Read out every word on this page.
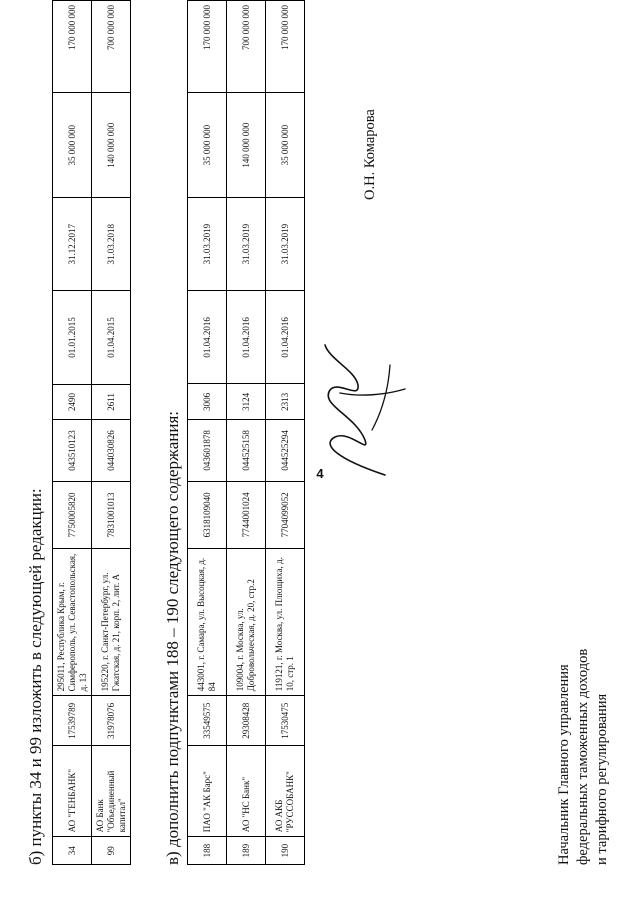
4
б) пункты 34 и 99 изложить в следующей редакции: 34	АО "ГЕНБАНК"	17539789	295011, Республика Крым, г. Симферополь, ул. Севастопольская, д. 13	7750005820	043510123	2490	01.01.2015	31.12.2017	35 000 000	170 000 000
99	АО Банк "Объединенный капитал"	31978076	195220, г. Санкт-Петербург, ул. Гжатская, д. 21, корп. 2, лит. А	7831001013	044030826	2611	01.04.2015	31.03.2018	140 000 000	700 000 000
в) дополнить подпунктами 188 – 190 следующего содержания: 188	ПАО "АК Барс"	33549575	443001, г. Самара, ул. Высоцкая, д. 84	6318109040	043601878	3006	01.04.2016	31.03.2019	35 000 000	170 000 000
189	АО "НС Банк"	29308428	109004, г. Москва, ул. Добровольческая, д. 20, стр.2	7744001024	044525158	3124	01.04.2016	31.03.2019	140 000 000	700 000 000
190	АО АКБ "РУССОБАНК"	17530475	119121, г. Москва, ул. Плющиха, д. 10, стр. 1	7704099052	044525294	2313	01.04.2016	31.03.2019	35 000 000	170 000 000
Начальник Главного управления федеральных таможенных доходов и тарифного регулирования
О.Н. Комарова
